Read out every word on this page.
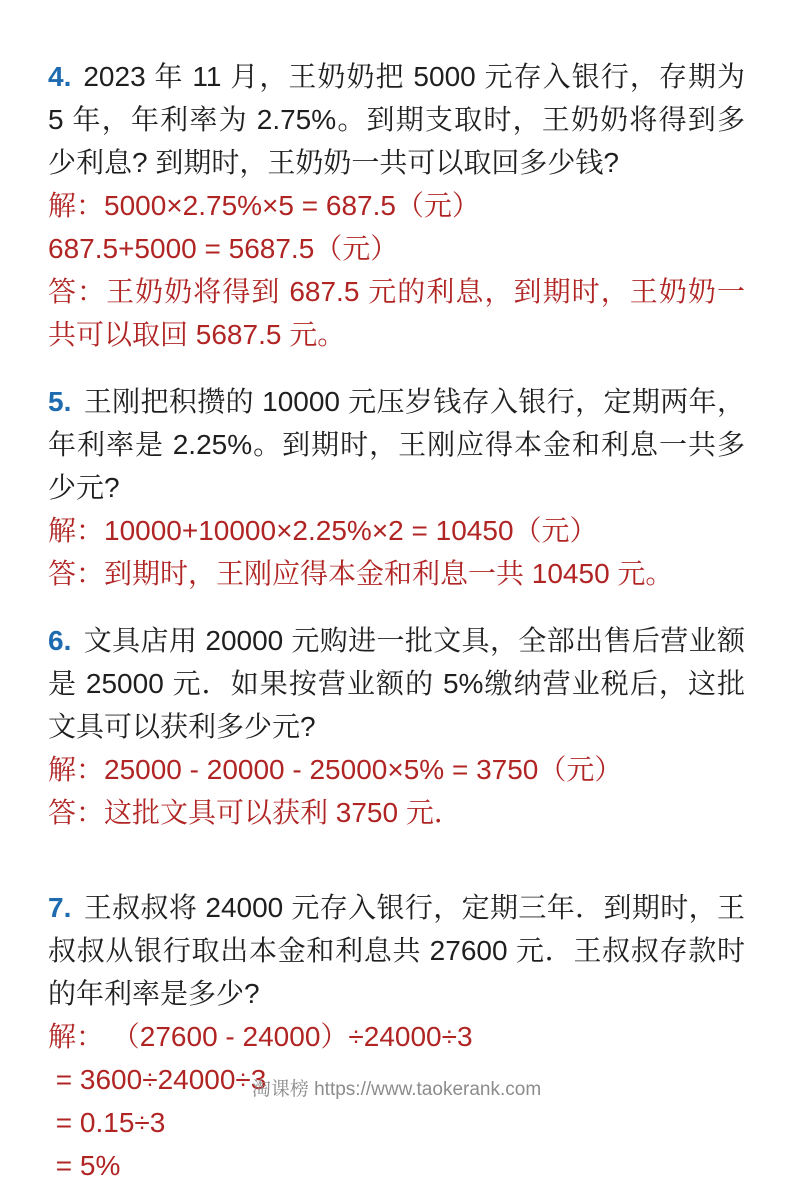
4. 2023 年 11 月，王奶奶把 5000 元存入银行，存期为 5 年，年利率为 2.75%。到期支取时，王奶奶将得到多少利息? 到期时，王奶奶一共可以取回多少钱?

解：5000×2.75%×5 = 687.5（元）

687.5+5000 = 5687.5（元）

答：王奶奶将得到 687.5 元的利息，到期时，王奶奶一共可以取回 5687.5 元。

5. 王刚把积攒的 10000 元压岁钱存入银行，定期两年，年利率是 2.25%。到期时，王刚应得本金和利息一共多少元?

解：10000+10000×2.25%×2 = 10450（元）

答：到期时，王刚应得本金和利息一共 10450 元。

6. 文具店用 20000 元购进一批文具，全部出售后营业额是 25000 元．如果按营业额的 5%缴纳营业税后，这批文具可以获利多少元?

解：25000 - 20000 - 25000×5% = 3750（元）

答：这批文具可以获利 3750 元．

7. 王叔叔将 24000 元存入银行，定期三年．到期时，王叔叔从银行取出本金和利息共 27600 元．王叔叔存款时的年利率是多少?

解： （27600 - 24000）÷24000÷3

= 3600÷24000÷3

= 0.15÷3

= 5%

淘课榜 https://www.taokerank.com
